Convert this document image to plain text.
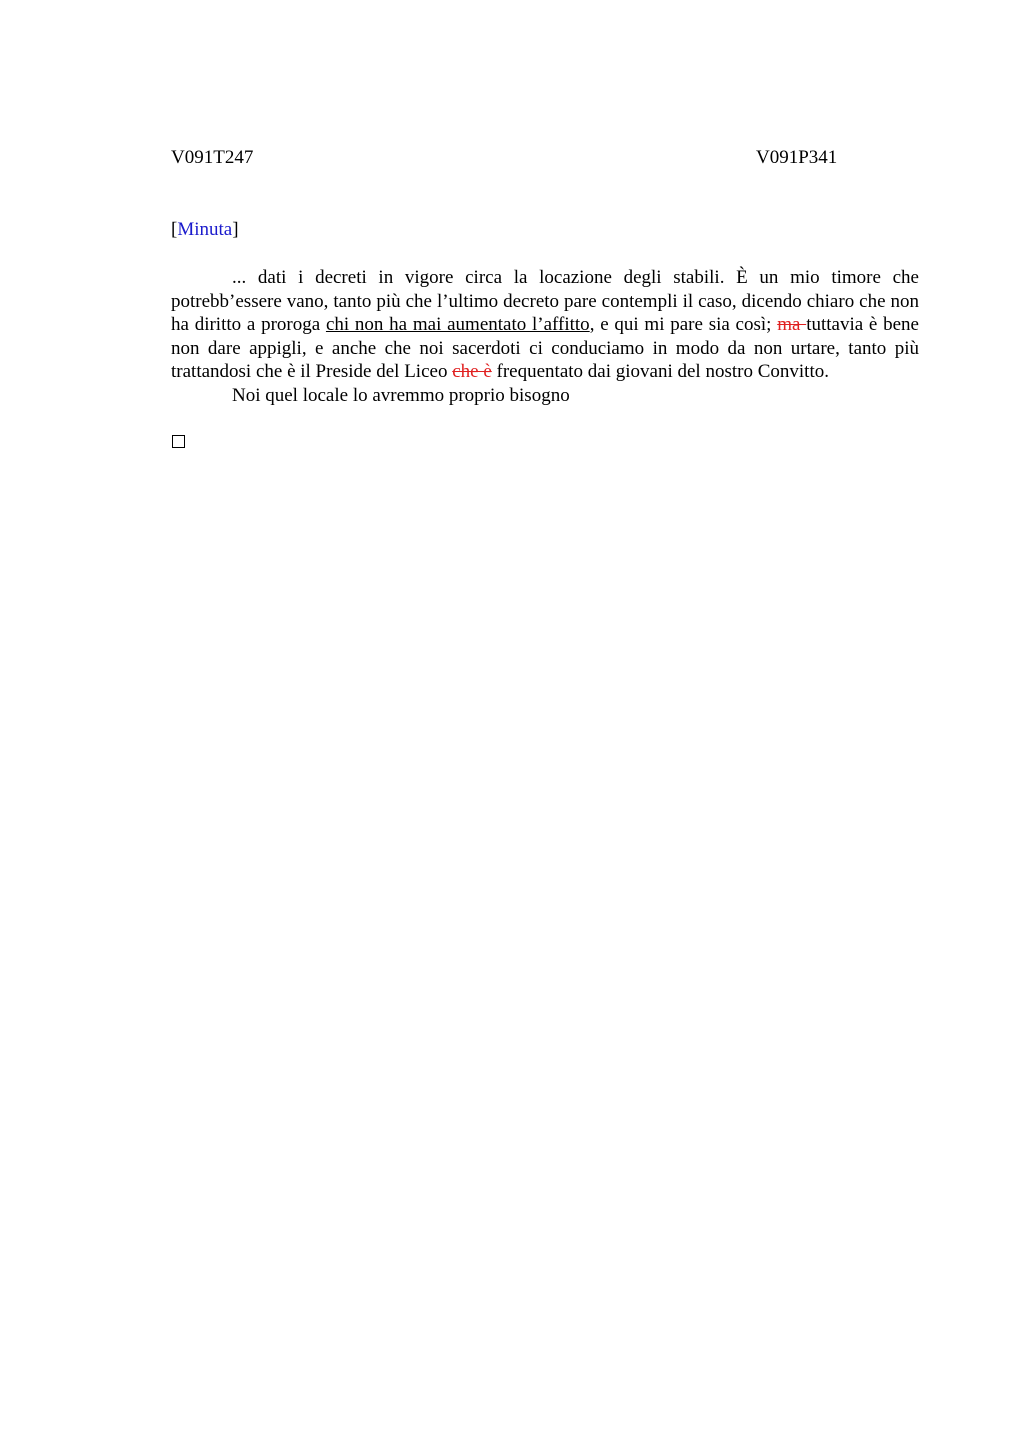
V091T247	V091P341
[Minuta]

... dati i decreti in vigore circa la locazione degli stabili. È un mio timore che potrebb’essere vano, tanto più che l’ultimo decreto pare contempli il caso, dicendo chiaro che non ha diritto a proroga chi non ha mai aumentato l’affitto, e qui mi pare sia così; ma tuttavia è bene non dare appigli, e anche che noi sacerdoti ci conduciamo in modo da non urtare, tanto più trattandosi che è il Preside del Liceo che è frequentato dai giovani del nostro Convitto.

Noi quel locale lo avremmo proprio bisogno
